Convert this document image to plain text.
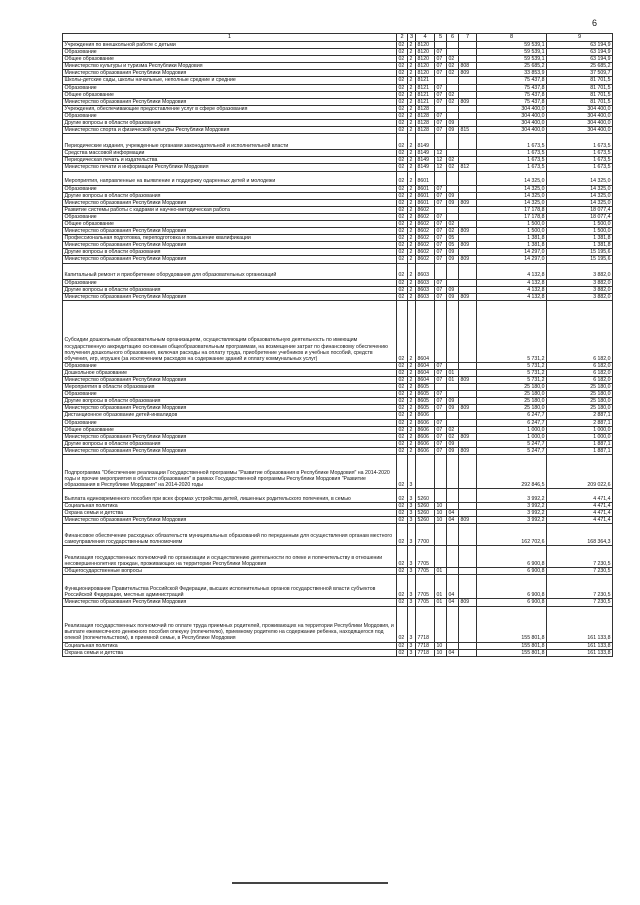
6
1	2	3	4	5	6	7	8	9
Учреждения по внешкольной работе с детьми	02	2	8120				59 539,1	63 194,9
Образование	02	2	8120	07			59 539,1	63 194,9
Общее образование	02	2	8120	07	02		59 539,1	63 194,9
Министерство культуры и туризма Республики Мордовия	02	2	8120	07	02	808	25 685,2	25 685,2
Министерство образования Республики Мордовия	02	2	8120	07	02	809	33 853,9	37 509,7
Школы-детские сады, школы начальные, неполные средние и средние	02	2	8121				75 437,8	81 701,5
Образование	02	2	8121	07			75 437,8	81 701,5
Общее образование	02	2	8121	07	02		75 437,8	81 701,5
Министерство образования Республики Мордовия	02	2	8121	07	02	809	75 437,8	81 701,5
Учреждения, обеспечивающие предоставление услуг в сфере образования	02	2	8128				304 400,0	304 400,0
Образование	02	2	8128	07			304 400,0	304 400,0
Другие вопросы в области образования	02	2	8128	07	09		304 400,0	304 400,0
Министерство спорта и физической культуры Республики Мордовия	02	2	8128	07	09	815	304 400,0	304 400,0
Периодические издания, учрежденные органами законодательной и исполнительной власти	02	2	8149				1 673,5	1 673,5
Средства массовой информации	02	2	8149	12			1 673,5	1 673,5
Периодическая печать и издательства	02	2	8149	12	02		1 673,5	1 673,5
Министерство печати и информации Республики Мордовия	02	2	8149	12	02	812	1 673,5	1 673,5
Мероприятия, направленные на выявление и поддержку одаренных детей и молодежи	02	2	8601				14 325,0	14 325,0
Образование	02	2	8601	07			14 325,0	14 325,0
Другие вопросы в области образования	02	2	8601	07	09		14 325,0	14 325,0
Министерство образования Республики Мордовия	02	2	8601	07	09	809	14 325,0	14 325,0
Развитие системы работы с кадрами и научно-методическая работа	02	2	8602				17 178,8	18 077,4
Образование	02	2	8602	07			17 178,8	18 077,4
Общее образование	02	2	8602	07	02		1 500,0	1 500,0
Министерство образования Республики Мордовия	02	2	8602	07	02	809	1 500,0	1 500,0
Профессиональная подготовка, переподготовка и повышение квалификации	02	2	8602	07	05		1 381,8	1 381,8
Министерство образования Республики Мордовия	02	2	8602	07	05	809	1 381,8	1 381,8
Другие вопросы в области образования	02	2	8602	07	09		14 297,0	15 195,6
Министерство образования Республики Мордовия	02	2	8602	07	09	809	14 297,0	15 195,6
Капитальный ремонт и приобретение оборудования для образовательных организаций	02	2	8603				4 132,8	3 882,0
Образование	02	2	8603	07			4 132,8	3 882,0
Другие вопросы в области образования	02	2	8603	07	09		4 132,8	3 882,0
Министерство образования Республики Мордовия	02	2	8603	07	09	809	4 132,8	3 882,0
Субсидии дошкольным образовательным организациям, осуществляющим образовательную деятельность по имеющим государственную аккредитацию основным общеобразовательным программам, на возмещение затрат по финансовому обеспечению получения дошкольного образования, включая расходы на оплату труда, приобретение учебников и учебных пособий, средств обучения, игр, игрушек (за исключением расходов на содержание зданий и оплату коммунальных услуг)	02	2	8604				5 731,2	6 182,0
Образование	02	2	8604	07			5 731,2	6 182,0
Дошкольное образование	02	2	8604	07	01		5 731,2	6 182,0
Министерство образования Республики Мордовия	02	2	8604	07	01	809	5 731,2	6 182,0
Мероприятия в области образования	02	2	8605				25 180,0	25 180,0
Образование	02	2	8605	07			25 180,0	25 180,0
Другие вопросы в области образования	02	2	8605	07	09		25 180,0	25 180,0
Министерство образования Республики Мордовия	02	2	8605	07	09	809	25 180,0	25 180,0
Дистанционное образование детей-инвалидов	02	2	8606				6 247,7	2 887,1
Образование	02	2	8606	07			6 247,7	2 887,1
Общее образование	02	2	8606	07	02		1 000,0	1 000,0
Министерство образования Республики Мордовия	02	2	8606	07	02	809	1 000,0	1 000,0
Другие вопросы в области образования	02	2	8606	07	09		5 247,7	1 887,1
Министерство образования Республики Мордовия	02	2	8606	07	09	809	5 247,7	1 887,1
Подпрограмма "Обеспечение реализации Государственной программы "Развитие образования в Республике Мордовия" на 2014-2020 годы и прочие мероприятия в области образования" в рамках Государственной программы Республики Мордовия "Развитие образования в Республике Мордовия" на 2014-2020 годы	02	3					292 846,5	209 022,6
Выплата единовременного пособия при всех формах устройства детей, лишенных родительского попечения, в семью	02	3	5260				3 992,2	4 471,4
Социальная политика	02	3	5260	10			3 992,2	4 471,4
Охрана семьи и детства	02	3	5260	10	04		3 992,2	4 471,4
Министерство образования Республики Мордовия	02	3	5260	10	04	809	3 992,2	4 471,4
Финансовое обеспечение расходных обязательств муниципальных образований по переданным для осуществления органам местного самоуправления государственным полномочиям	02	3	7700				162 702,6	168 364,3
Реализация государственных полномочий по организации и осуществлению деятельности по опеке и попечительству в отношении несовершеннолетних граждан, проживающих на территории Республики Мордовия	02	3	7705				6 900,8	7 230,5
Общегосударственные вопросы	02	3	7705	01			6 900,8	7 230,5
Функционирование Правительства Российской Федерации, высших исполнительных органов государственной власти субъектов Российской Федерации, местных администраций	02	3	7705	01	04		6 900,8	7 230,5
Министерство образования Республики Мордовия	02	3	7705	01	04	809	6 900,8	7 230,5
Реализация государственных полномочий по оплате труда приемных родителей, проживающих на территории Республики Мордовия, и выплате ежемесячного денежного пособия опекуну (попечителю), приемному родителю на содержание ребенка, находящегося под опекой (попечительством), в приемной семье, в Республике Мордовия	02	3	7718				155 801,8	161 133,8
Социальная политика	02	3	7718	10			155 801,8	161 133,8
Охрана семьи и детства	02	3	7718	10	04		155 801,8	161 133,8
